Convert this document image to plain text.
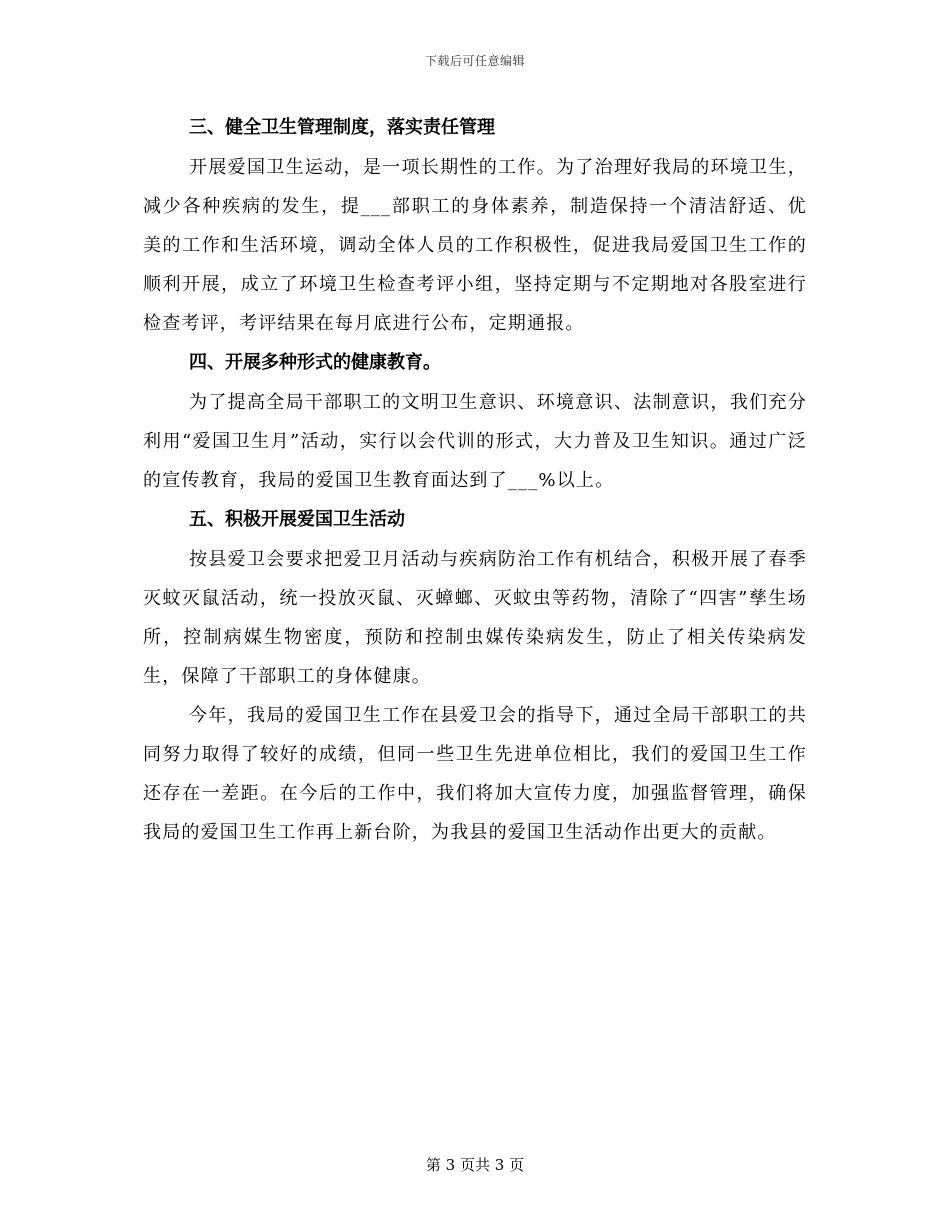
下载后可任意编辑
三、健全卫生管理制度，落实责任管理

开展爱国卫生运动，是一项长期性的工作。为了治理好我局的环境卫生，减少各种疾病的发生，提___部职工的身体素养，制造保持一个清洁舒适、优美的工作和生活环境，调动全体人员的工作积极性，促进我局爱国卫生工作的顺利开展，成立了环境卫生检查考评小组，坚持定期与不定期地对各股室进行检查考评，考评结果在每月底进行公布，定期通报。

四、开展多种形式的健康教育。

为了提高全局干部职工的文明卫生意识、环境意识、法制意识，我们充分利用“爱国卫生月”活动，实行以会代训的形式，大力普及卫生知识。通过广泛的宣传教育，我局的爱国卫生教育面达到了___%以上。

五、积极开展爱国卫生活动

按县爱卫会要求把爱卫月活动与疾病防治工作有机结合，积极开展了春季灭蚊灭鼠活动，统一投放灭鼠、灭蟑螂、灭蚊虫等药物，清除了“四害”孳生场所，控制病媒生物密度，预防和控制虫媒传染病发生，防止了相关传染病发生，保障了干部职工的身体健康。

今年，我局的爱国卫生工作在县爱卫会的指导下，通过全局干部职工的共同努力取得了较好的成绩，但同一些卫生先进单位相比，我们的爱国卫生工作还存在一差距。在今后的工作中，我们将加大宣传力度，加强监督管理，确保我局的爱国卫生工作再上新台阶，为我县的爱国卫生活动作出更大的贡献。

第 3 页共 3 页
